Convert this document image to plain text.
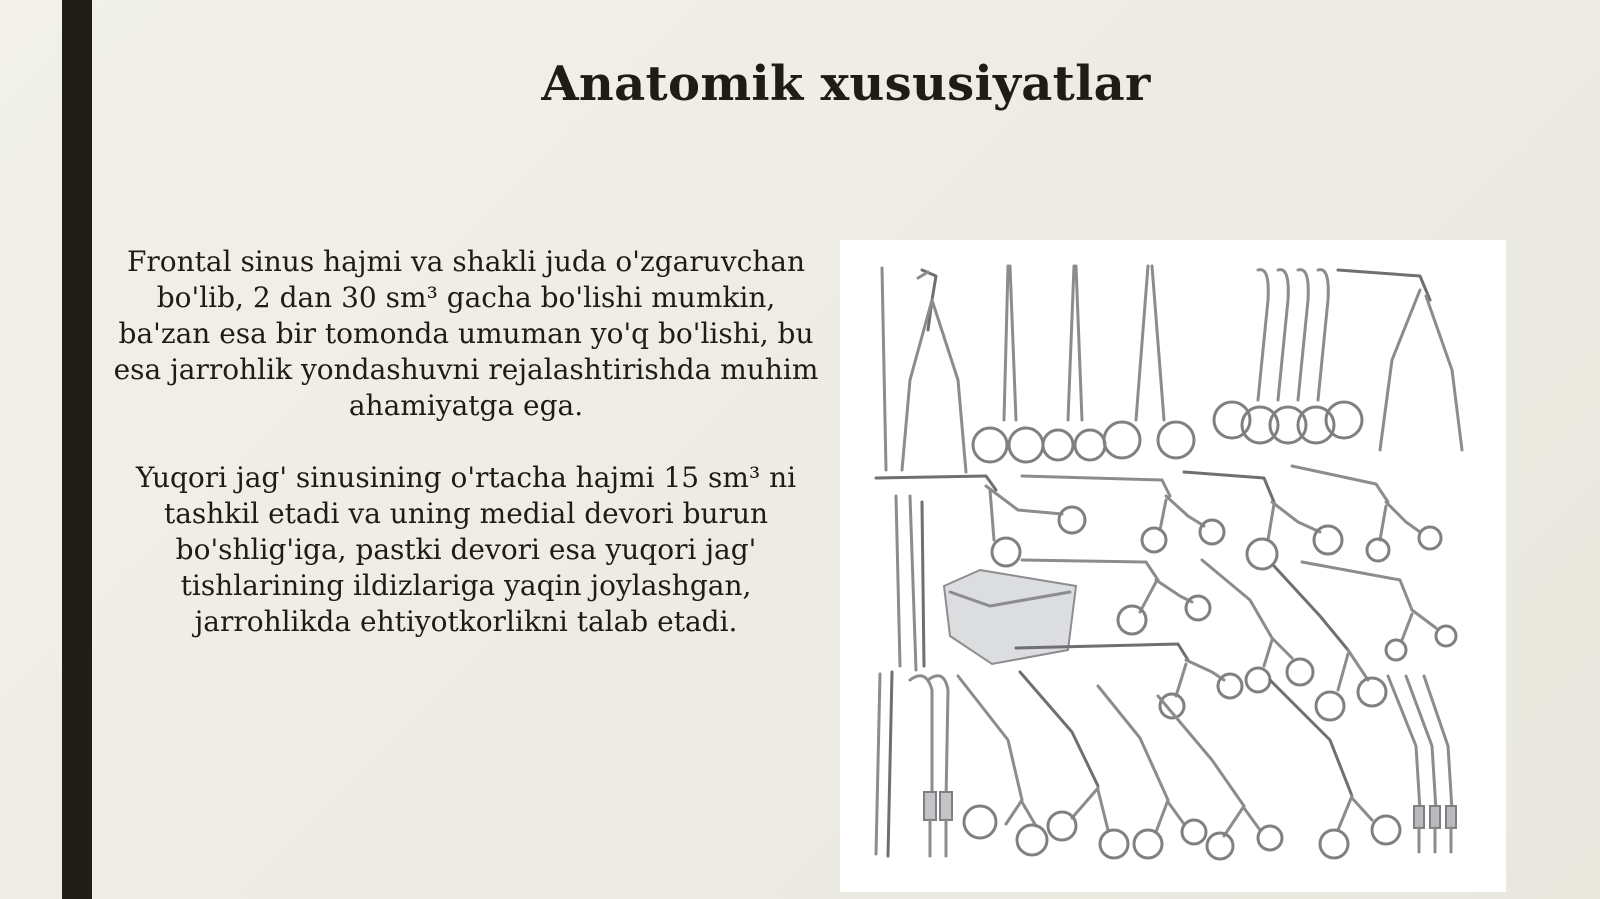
Anatomik xususiyatlar

Frontal sinus hajmi va shakli juda o'zgaruvchan bo'lib, 2 dan 30 sm³ gacha bo'lishi mumkin, ba'zan esa bir tomonda umuman yo'q bo'lishi, bu esa jarrohlik yondashuvni rejalashtirishda muhim ahamiyatga ega.

Yuqori jag' sinusining o'rtacha hajmi 15 sm³ ni tashkil etadi va uning medial devori burun bo'shlig'iga, pastki devori esa yuqori jag' tishlarining ildizlariga yaqin joylashgan, jarrohlikda ehtiyotkorlikni talab etadi.
